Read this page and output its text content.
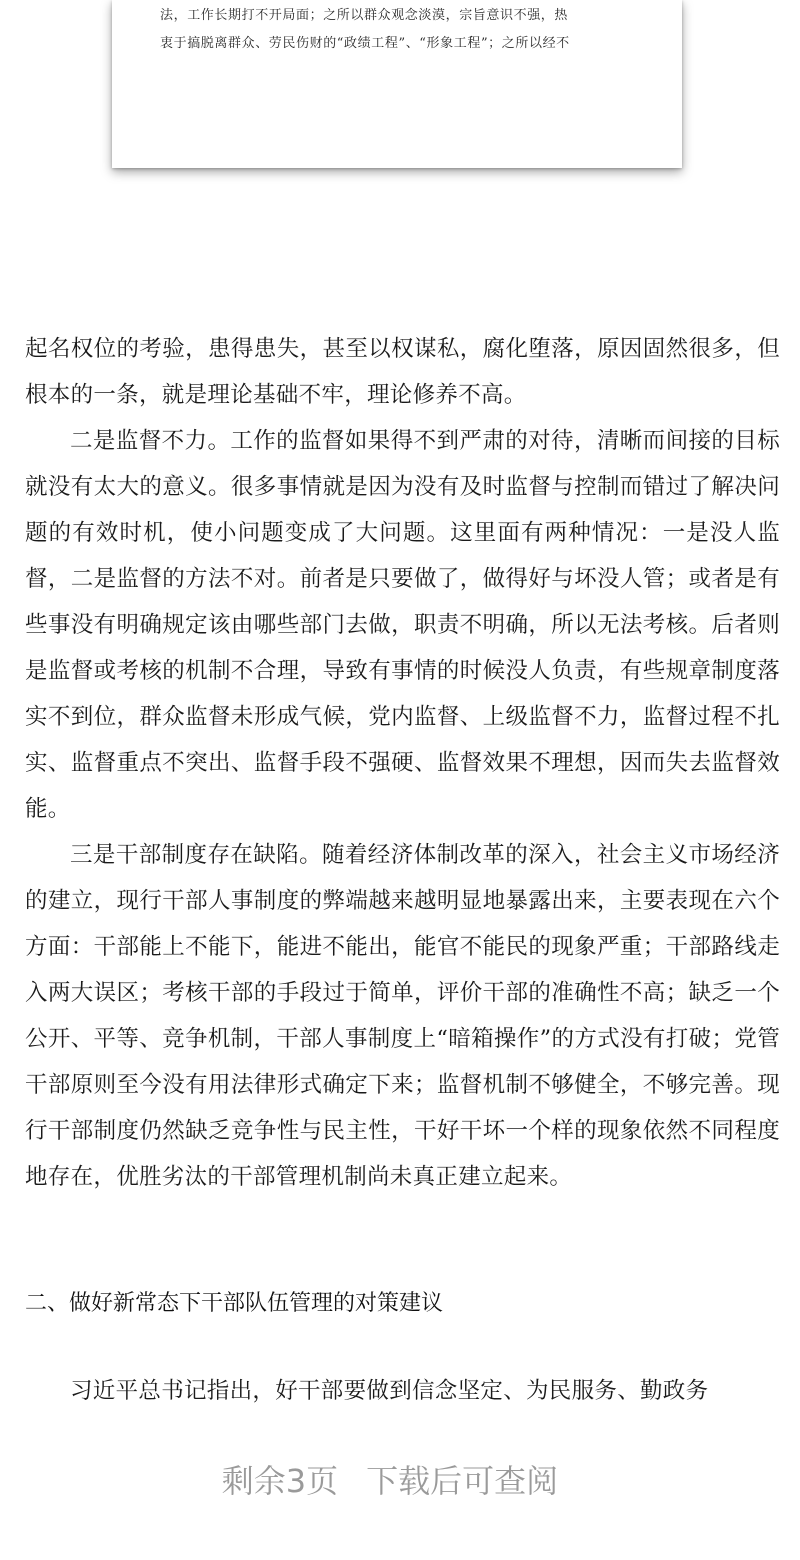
法，工作长期打不开局面；之所以群众观念淡漠，宗旨意识不强，热
衷于搞脱离群众、劳民伤财的“政绩工程”、“形象工程”；之所以经不

起名权位的考验，患得患失，甚至以权谋私，腐化堕落，原因固然很多，但根本的一条，就是理论基础不牢，理论修养不高。

二是监督不力。工作的监督如果得不到严肃的对待，清晰而间接的目标就没有太大的意义。很多事情就是因为没有及时监督与控制而错过了解决问题的有效时机，使小问题变成了大问题。这里面有两种情况：一是没人监督，二是监督的方法不对。前者是只要做了，做得好与坏没人管；或者是有些事没有明确规定该由哪些部门去做，职责不明确，所以无法考核。后者则是监督或考核的机制不合理，导致有事情的时候没人负责，有些规章制度落实不到位，群众监督未形成气候，党内监督、上级监督不力，监督过程不扎实、监督重点不突出、监督手段不强硬、监督效果不理想，因而失去监督效能。

三是干部制度存在缺陷。随着经济体制改革的深入，社会主义市场经济的建立，现行干部人事制度的弊端越来越明显地暴露出来，主要表现在六个方面：干部能上不能下，能进不能出，能官不能民的现象严重；干部路线走入两大误区；考核干部的手段过于简单，评价干部的准确性不高；缺乏一个公开、平等、竞争机制，干部人事制度上“暗箱操作”的方式没有打破；党管干部原则至今没有用法律形式确定下来；监督机制不够健全，不够完善。现行干部制度仍然缺乏竞争性与民主性，干好干坏一个样的现象依然不同程度地存在，优胜劣汰的干部管理机制尚未真正建立起来。

二、做好新常态下干部队伍管理的对策建议
习近平总书记指出，好干部要做到信念坚定、为民服务、勤政务
剩余3页 下载后可查阅
